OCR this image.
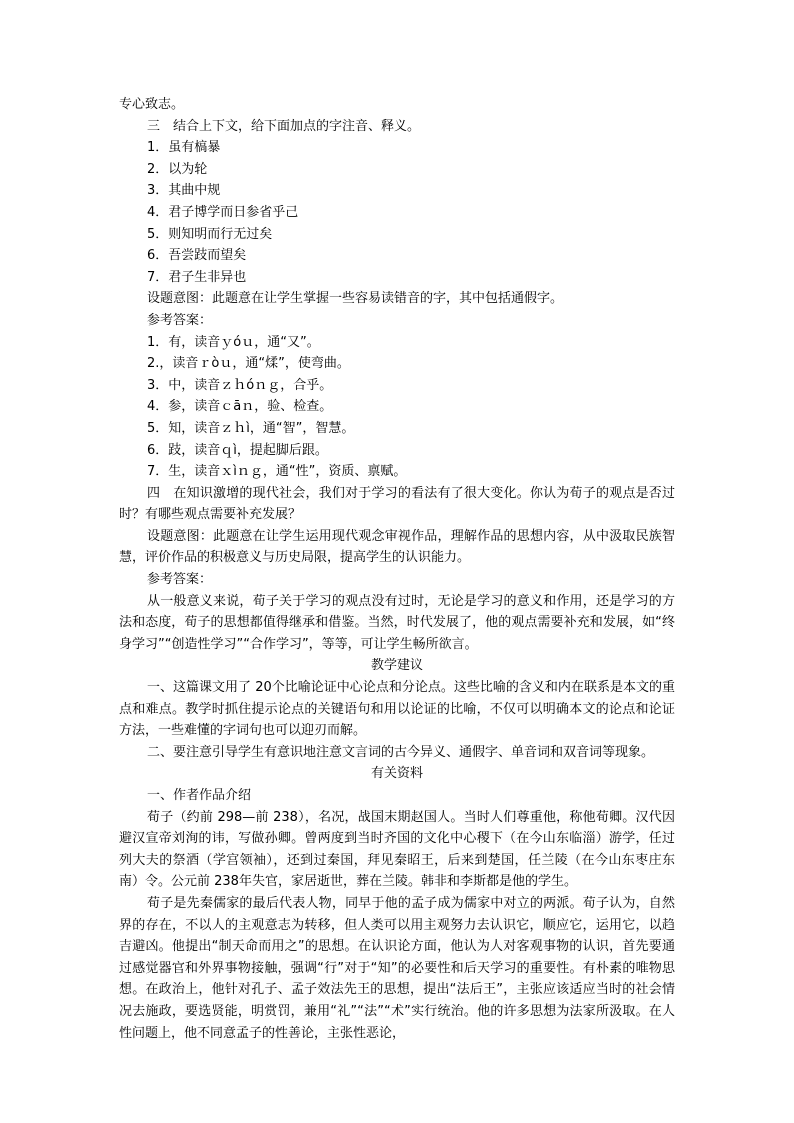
专心致志。
三　结合上下文，给下面加点的字注音、释义。
1．虽有槁暴
2．以为轮
3．其曲中规
4．君子博学而日参省乎己
5．则知明而行无过矣
6．吾尝跂而望矣
7．君子生非异也
设题意图：此题意在让学生掌握一些容易读错音的字，其中包括通假字。
参考答案：
1．有，读音ｙóｕ，通“又”。
2.，读音ｒòｕ，通“煣”，使弯曲。
3．中，读音ｚｈóｎｇ，合乎。
4．参，读音ｃāｎ，验、检查。
5．知，读音ｚｈì，通“智”，智慧。
6．跂，读音ｑì，提起脚后跟。
7．生，读音ｘìｎｇ，通“性”，资质、禀赋。
四　在知识激增的现代社会，我们对于学习的看法有了很大变化。你认为荀子的观点是否过时？有哪些观点需要补充发展？
设题意图：此题意在让学生运用现代观念审视作品，理解作品的思想内容，从中汲取民族智慧，评价作品的积极意义与历史局限，提高学生的认识能力。
参考答案：
从一般意义来说，荀子关于学习的观点没有过时，无论是学习的意义和作用，还是学习的方法和态度，荀子的思想都值得继承和借鉴。当然，时代发展了，他的观点需要补充和发展，如“终身学习”“创造性学习”“合作学习”，等等，可让学生畅所欲言。
教学建议
一、这篇课文用了 20个比喻论证中心论点和分论点。这些比喻的含义和内在联系是本文的重点和难点。教学时抓住提示论点的关键语句和用以论证的比喻，不仅可以明确本文的论点和论证方法，一些难懂的字词句也可以迎刃而解。
二、要注意引导学生有意识地注意文言词的古今异义、通假字、单音词和双音词等现象。
有关资料
一、作者作品介绍
荀子（约前 298—前 238），名况，战国末期赵国人。当时人们尊重他，称他荀卿。汉代因避汉宣帝刘洵的讳，写做孙卿。曾两度到当时齐国的文化中心稷下（在今山东临淄）游学，任过列大夫的祭酒（学宫领袖），还到过秦国，拜见秦昭王，后来到楚国，任兰陵（在今山东枣庄东南）令。公元前 238年失官，家居逝世，葬在兰陵。韩非和李斯都是他的学生。
荀子是先秦儒家的最后代表人物，同早于他的孟子成为儒家中对立的两派。荀子认为，自然界的存在，不以人的主观意志为转移，但人类可以用主观努力去认识它，顺应它，运用它，以趋吉避凶。他提出“制天命而用之”的思想。在认识论方面，他认为人对客观事物的认识，首先要通过感觉器官和外界事物接触，强调“行”对于“知”的必要性和后天学习的重要性。有朴素的唯物思想。在政治上，他针对孔子、孟子效法先王的思想，提出“法后王”，主张应该适应当时的社会情况去施政，要选贤能，明赏罚，兼用“礼”“法”“术”实行统治。他的许多思想为法家所汲取。在人性问题上，他不同意孟子的性善论，主张性恶论，
